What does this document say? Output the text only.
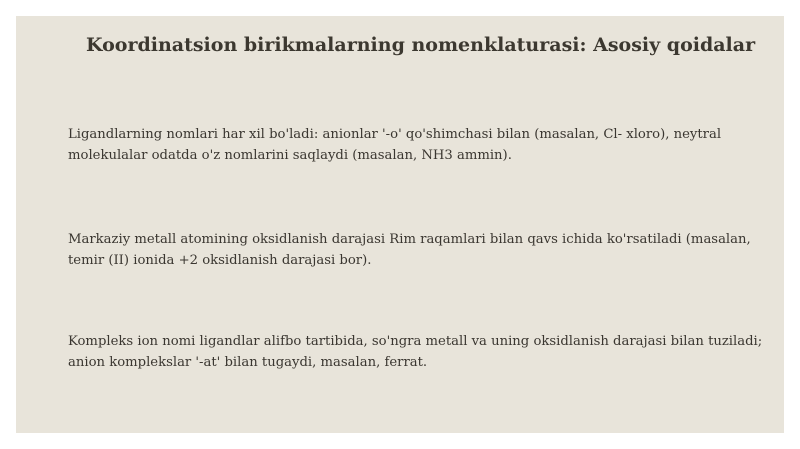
Koordinatsion birikmalarning nomenklaturasi: Asosiy qoidalar

Ligandlarning nomlari har xil bo'ladi: anionlar '-o' qo'shimchasi bilan (masalan, Cl- xloro), neytral molekulalar odatda o'z nomlarini saqlaydi (masalan, NH3 ammin).

Markaziy metall atomining oksidlanish darajasi Rim raqamlari bilan qavs ichida ko'rsatiladi (masalan, temir (II) ionida +2 oksidlanish darajasi bor).

Kompleks ion nomi ligandlar alifbo tartibida, so'ngra metall va uning oksidlanish darajasi bilan tuziladi; anion komplekslar '-at' bilan tugaydi, masalan, ferrat.
